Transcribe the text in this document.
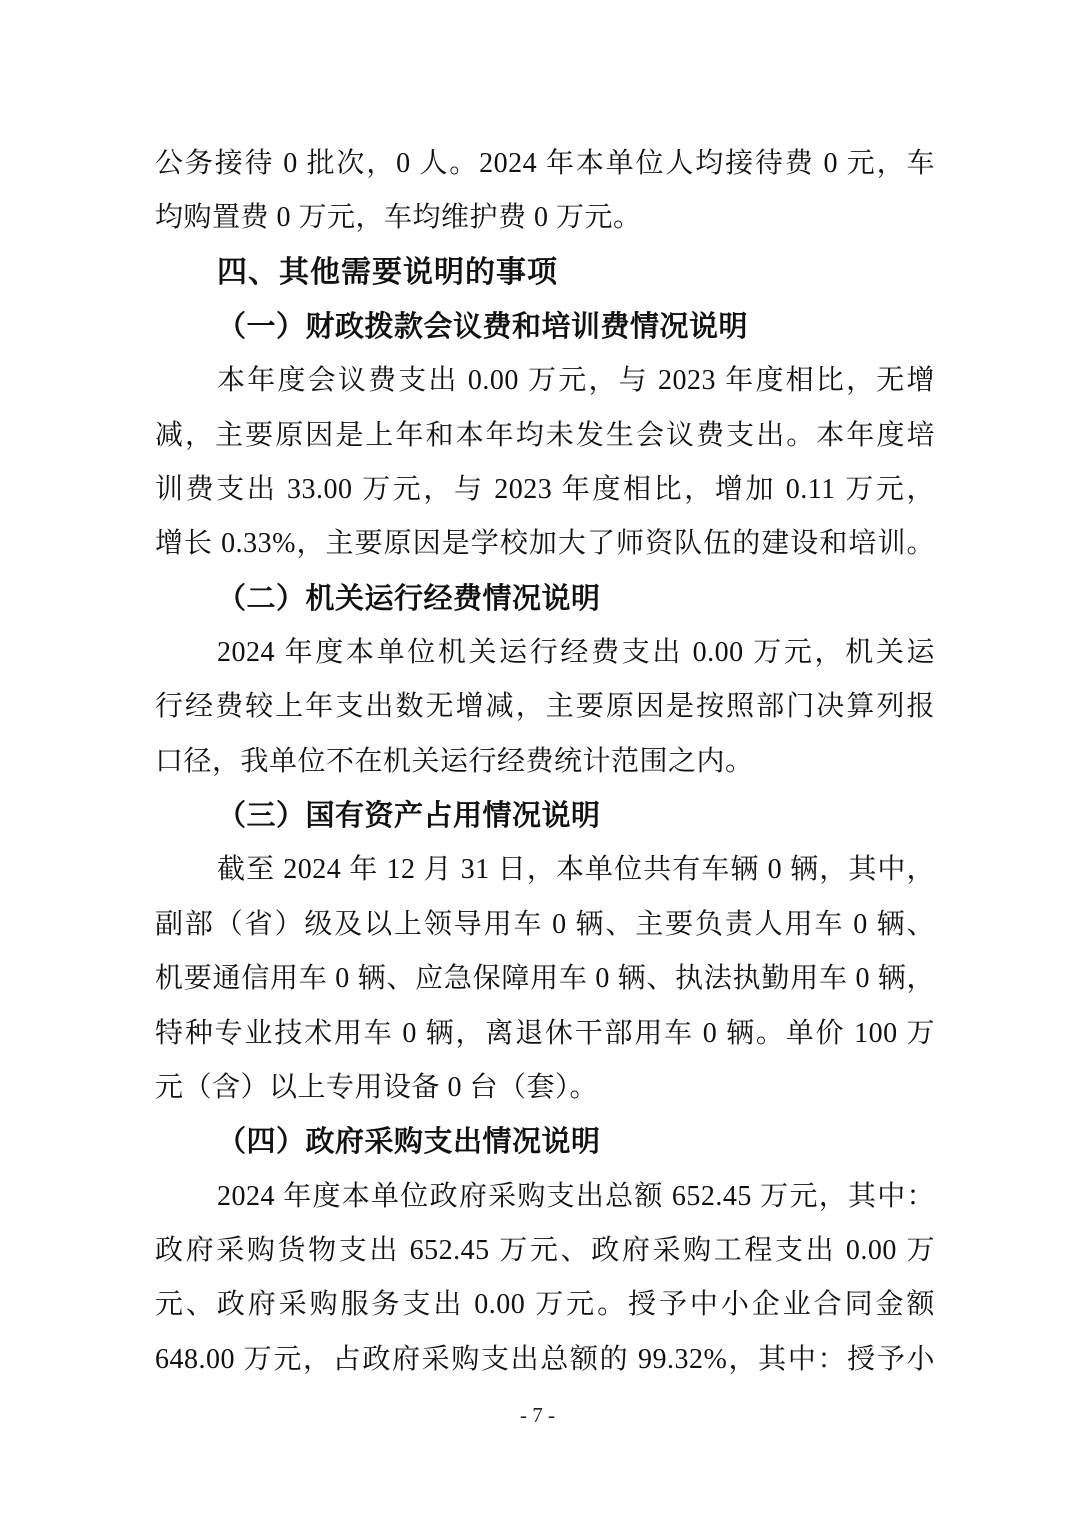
公务接待 0 批次，0 人。2024 年本单位人均接待费 0 元，车
均购置费 0 万元，车均维护费 0 万元。
四、其他需要说明的事项
（一）财政拨款会议费和培训费情况说明
本年度会议费支出 0.00 万元，与 2023 年度相比，无增
减，主要原因是上年和本年均未发生会议费支出。本年度培
训费支出 33.00 万元，与 2023 年度相比，增加 0.11 万元，
增长 0.33%，主要原因是学校加大了师资队伍的建设和培训。
（二）机关运行经费情况说明
2024 年度本单位机关运行经费支出 0.00 万元，机关运
行经费较上年支出数无增减，主要原因是按照部门决算列报
口径，我单位不在机关运行经费统计范围之内。
（三）国有资产占用情况说明
截至 2024 年 12 月 31 日，本单位共有车辆 0 辆，其中，
副部（省）级及以上领导用车 0 辆、主要负责人用车 0 辆、
机要通信用车 0 辆、应急保障用车 0 辆、执法执勤用车 0 辆，
特种专业技术用车 0 辆，离退休干部用车 0 辆。单价 100 万
元（含）以上专用设备 0 台（套）。
（四）政府采购支出情况说明
2024 年度本单位政府采购支出总额 652.45 万元，其中：
政府采购货物支出 652.45 万元、政府采购工程支出 0.00 万
元、政府采购服务支出 0.00 万元。授予中小企业合同金额
648.00 万元，占政府采购支出总额的 99.32%，其中：授予小
- 7 -
